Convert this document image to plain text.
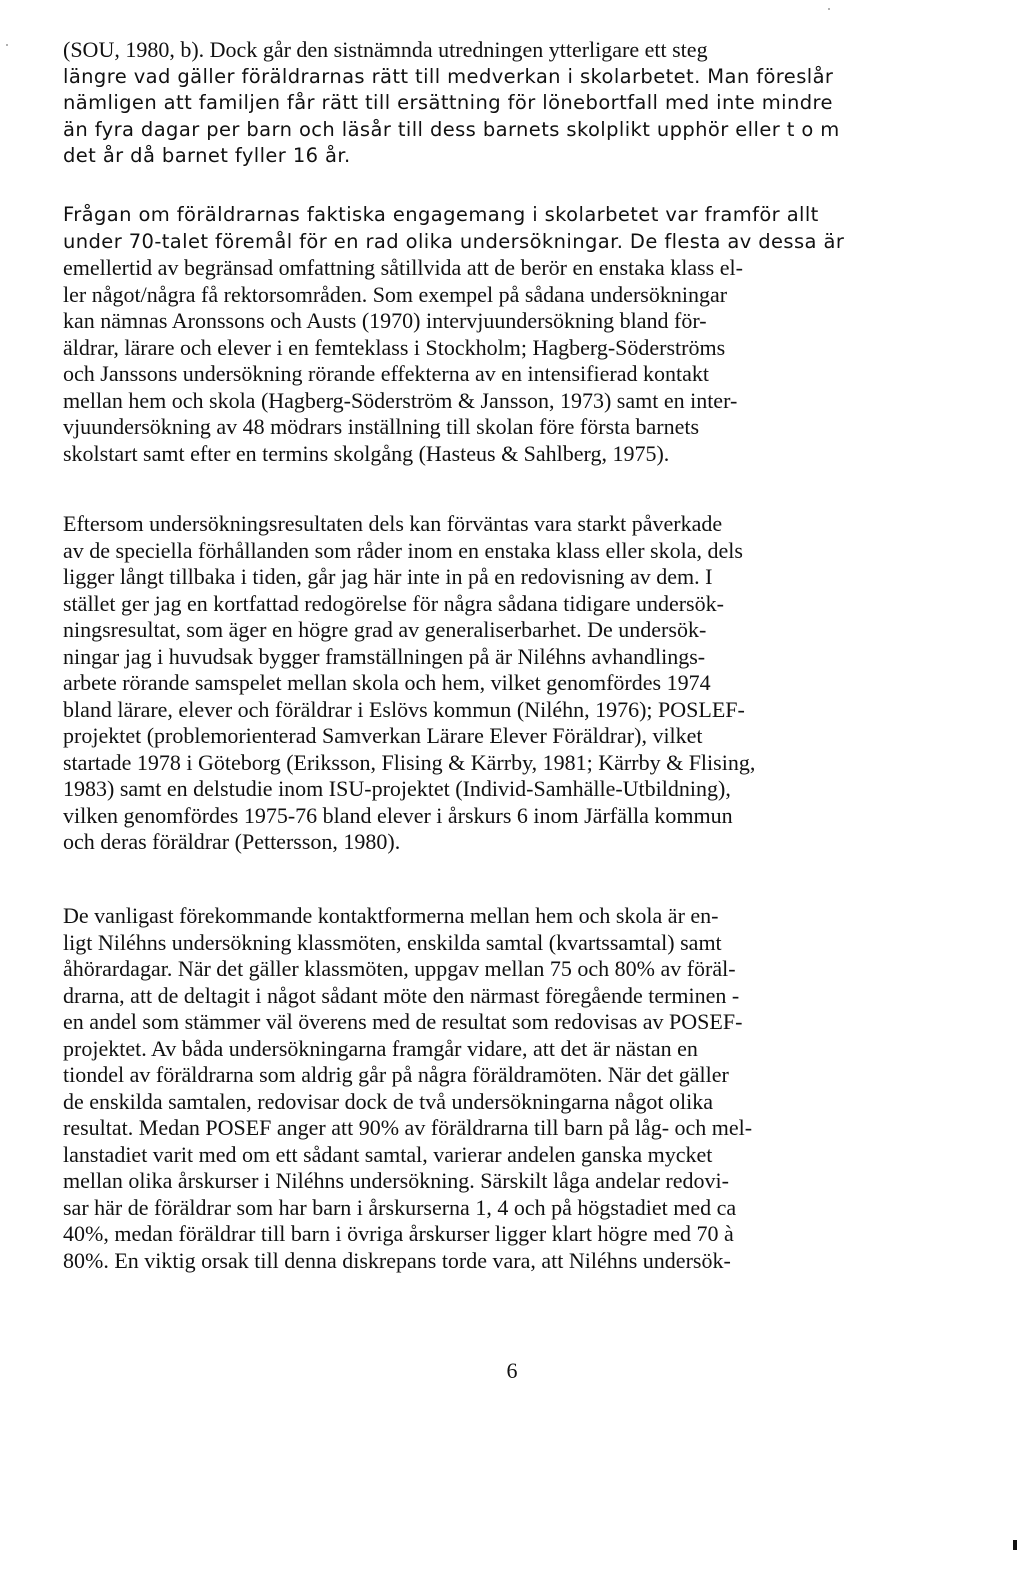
(SOU, 1980, b). Dock går den sistnämnda utredningen ytterligare ett steg
längre vad gäller föräldrarnas rätt till medverkan i skolarbetet. Man föreslår
nämligen att familjen får rätt till ersättning för lönebortfall med inte mindre
än fyra dagar per barn och läsår till dess barnets skolplikt upphör eller t o m
det år då barnet fyller 16 år.
Frågan om föräldrarnas faktiska engagemang i skolarbetet var framför allt
under 70-talet föremål för en rad olika undersökningar. De flesta av dessa är
emellertid av begränsad omfattning såtillvida att de berör en enstaka klass el-
ler något/några få rektorsområden. Som exempel på sådana undersökningar
kan nämnas Aronssons och Austs (1970) intervjuundersökning bland för-
äldrar, lärare och elever i en femteklass i Stockholm; Hagberg-Söderströms
och Janssons undersökning rörande effekterna av en intensifierad kontakt
mellan hem och skola (Hagberg-Söderström & Jansson, 1973) samt en inter-
vjuundersökning av 48 mödrars inställning till skolan före första barnets
skolstart samt efter en termins skolgång (Hasteus & Sahlberg, 1975).
Eftersom undersökningsresultaten dels kan förväntas vara starkt påverkade
av de speciella förhållanden som råder inom en enstaka klass eller skola, dels
ligger långt tillbaka i tiden, går jag här inte in på en redovisning av dem. I
stället ger jag en kortfattad redogörelse för några sådana tidigare undersök-
ningsresultat, som äger en högre grad av generaliserbarhet. De undersök-
ningar jag i huvudsak bygger framställningen på är Niléhns avhandlings-
arbete rörande samspelet mellan skola och hem, vilket genomfördes 1974
bland lärare, elever och föräldrar i Eslövs kommun (Niléhn, 1976); POSLEF-
projektet (problemorienterad Samverkan Lärare Elever Föräldrar), vilket
startade 1978 i Göteborg (Eriksson, Flising & Kärrby, 1981; Kärrby & Flising,
1983) samt en delstudie inom ISU-projektet (Individ-Samhälle-Utbildning),
vilken genomfördes 1975-76 bland elever i årskurs 6 inom Järfälla kommun
och deras föräldrar (Pettersson, 1980).
De vanligast förekommande kontaktformerna mellan hem och skola är en-
ligt Niléhns undersökning klassmöten, enskilda samtal (kvartssamtal) samt
åhörardagar. När det gäller klassmöten, uppgav mellan 75 och 80% av föräl-
drarna, att de deltagit i något sådant möte den närmast föregående terminen -
en andel som stämmer väl överens med de resultat som redovisas av POSEF-
projektet. Av båda undersökningarna framgår vidare, att det är nästan en
tiondel av föräldrarna som aldrig går på några föräldramöten. När det gäller
de enskilda samtalen, redovisar dock de två undersökningarna något olika
resultat. Medan POSEF anger att 90% av föräldrarna till barn på låg- och mel-
lanstadiet varit med om ett sådant samtal, varierar andelen ganska mycket
mellan olika årskurser i Niléhns undersökning. Särskilt låga andelar redovi-
sar här de föräldrar som har barn i årskurserna 1, 4 och på högstadiet med ca
40%, medan föräldrar till barn i övriga årskurser ligger klart högre med 70 à
80%. En viktig orsak till denna diskrepans torde vara, att Niléhns undersök-

6
